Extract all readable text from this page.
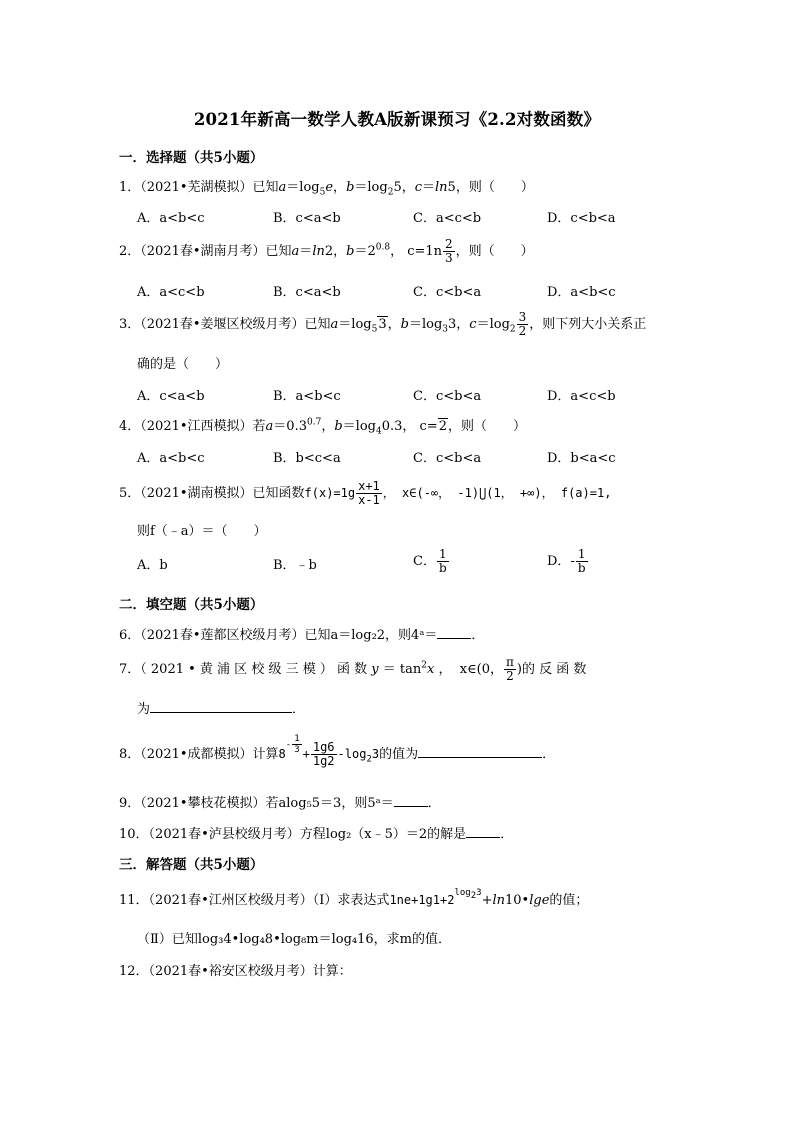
2021年新高一数学人教A版新课预习《2.2对数函数》
一．选择题（共5小题）
1．（2021•芜湖模拟）已知$a=\log_5e$，$b=\log_25$，c＝ln5，则（　　）
A．a<b<c	B．c<a<b	C．a<c<b	D．c<b<a
2．（2021春•湖南月考）已知a＝ln2，$b=2^{0.8}$， $c=1n \frac{2}{3}$ ，则（　　）
A．a<c<b	B．c<a<b	C．c<b<a	D．a<b<c
3．（2021春•姜堰区校级月考）已知$a=\log_53$，$b=\log_33$，$c=\log_2 \frac{3}{2}$ ，则下列大小关系正
确的是（　　）
A．c<a<b	B．a<b<c	C．c<b<a	D．a<c<b
4．（2021•江西模拟）若$a=0.3^{0.7}$，$b=\log_40.3$， c=2，则（　　）
A．a<b<c	B．b<c<a	C．c<b<a	D．b<a<c
5．（2021•湖南模拟）已知函数$f(x)=1g \frac{x+1}{x-1}$ ， x∈(-∞， -1)⋃(1， +∞)， f(a)=1,
则f（﹣a）＝（　　）
A．b	B．﹣b	C． $\frac{1}{b}$	D．- $\frac{1}{b}$
二．填空题（共5小题）
6．（2021春•莲都区校级月考）已知a＝log₂2，则4ᵃ＝	．
7．（ 2021 • 黄 浦 区 校 级 三 模 ） 函 数 $y = \tan^2x$ ，  x∈(0， $\frac{\pi}{2}$ )的 反 函 数
为	．
8．（2021•成都模拟）计算$8^{- \frac{1}{3}} + \frac{1g6}{1g2} -\log_23$的值为	．
9．（2021•攀枝花模拟）若alog₅5＝3，则5ᵃ＝	．
10．（2021春•泸县校级月考）方程log₂（x﹣5）＝2的解是	．
三．解答题（共5小题）
11．（2021春•江州区校级月考）（Ⅰ）求表达式$1ne+1g1+2^{log_23}+\ln 10•\lg e$的值；
（Ⅱ）已知log₃4•log₄8•log₈m＝log₄16，求m的值．
12．（2021春•裕安区校级月考）计算：
